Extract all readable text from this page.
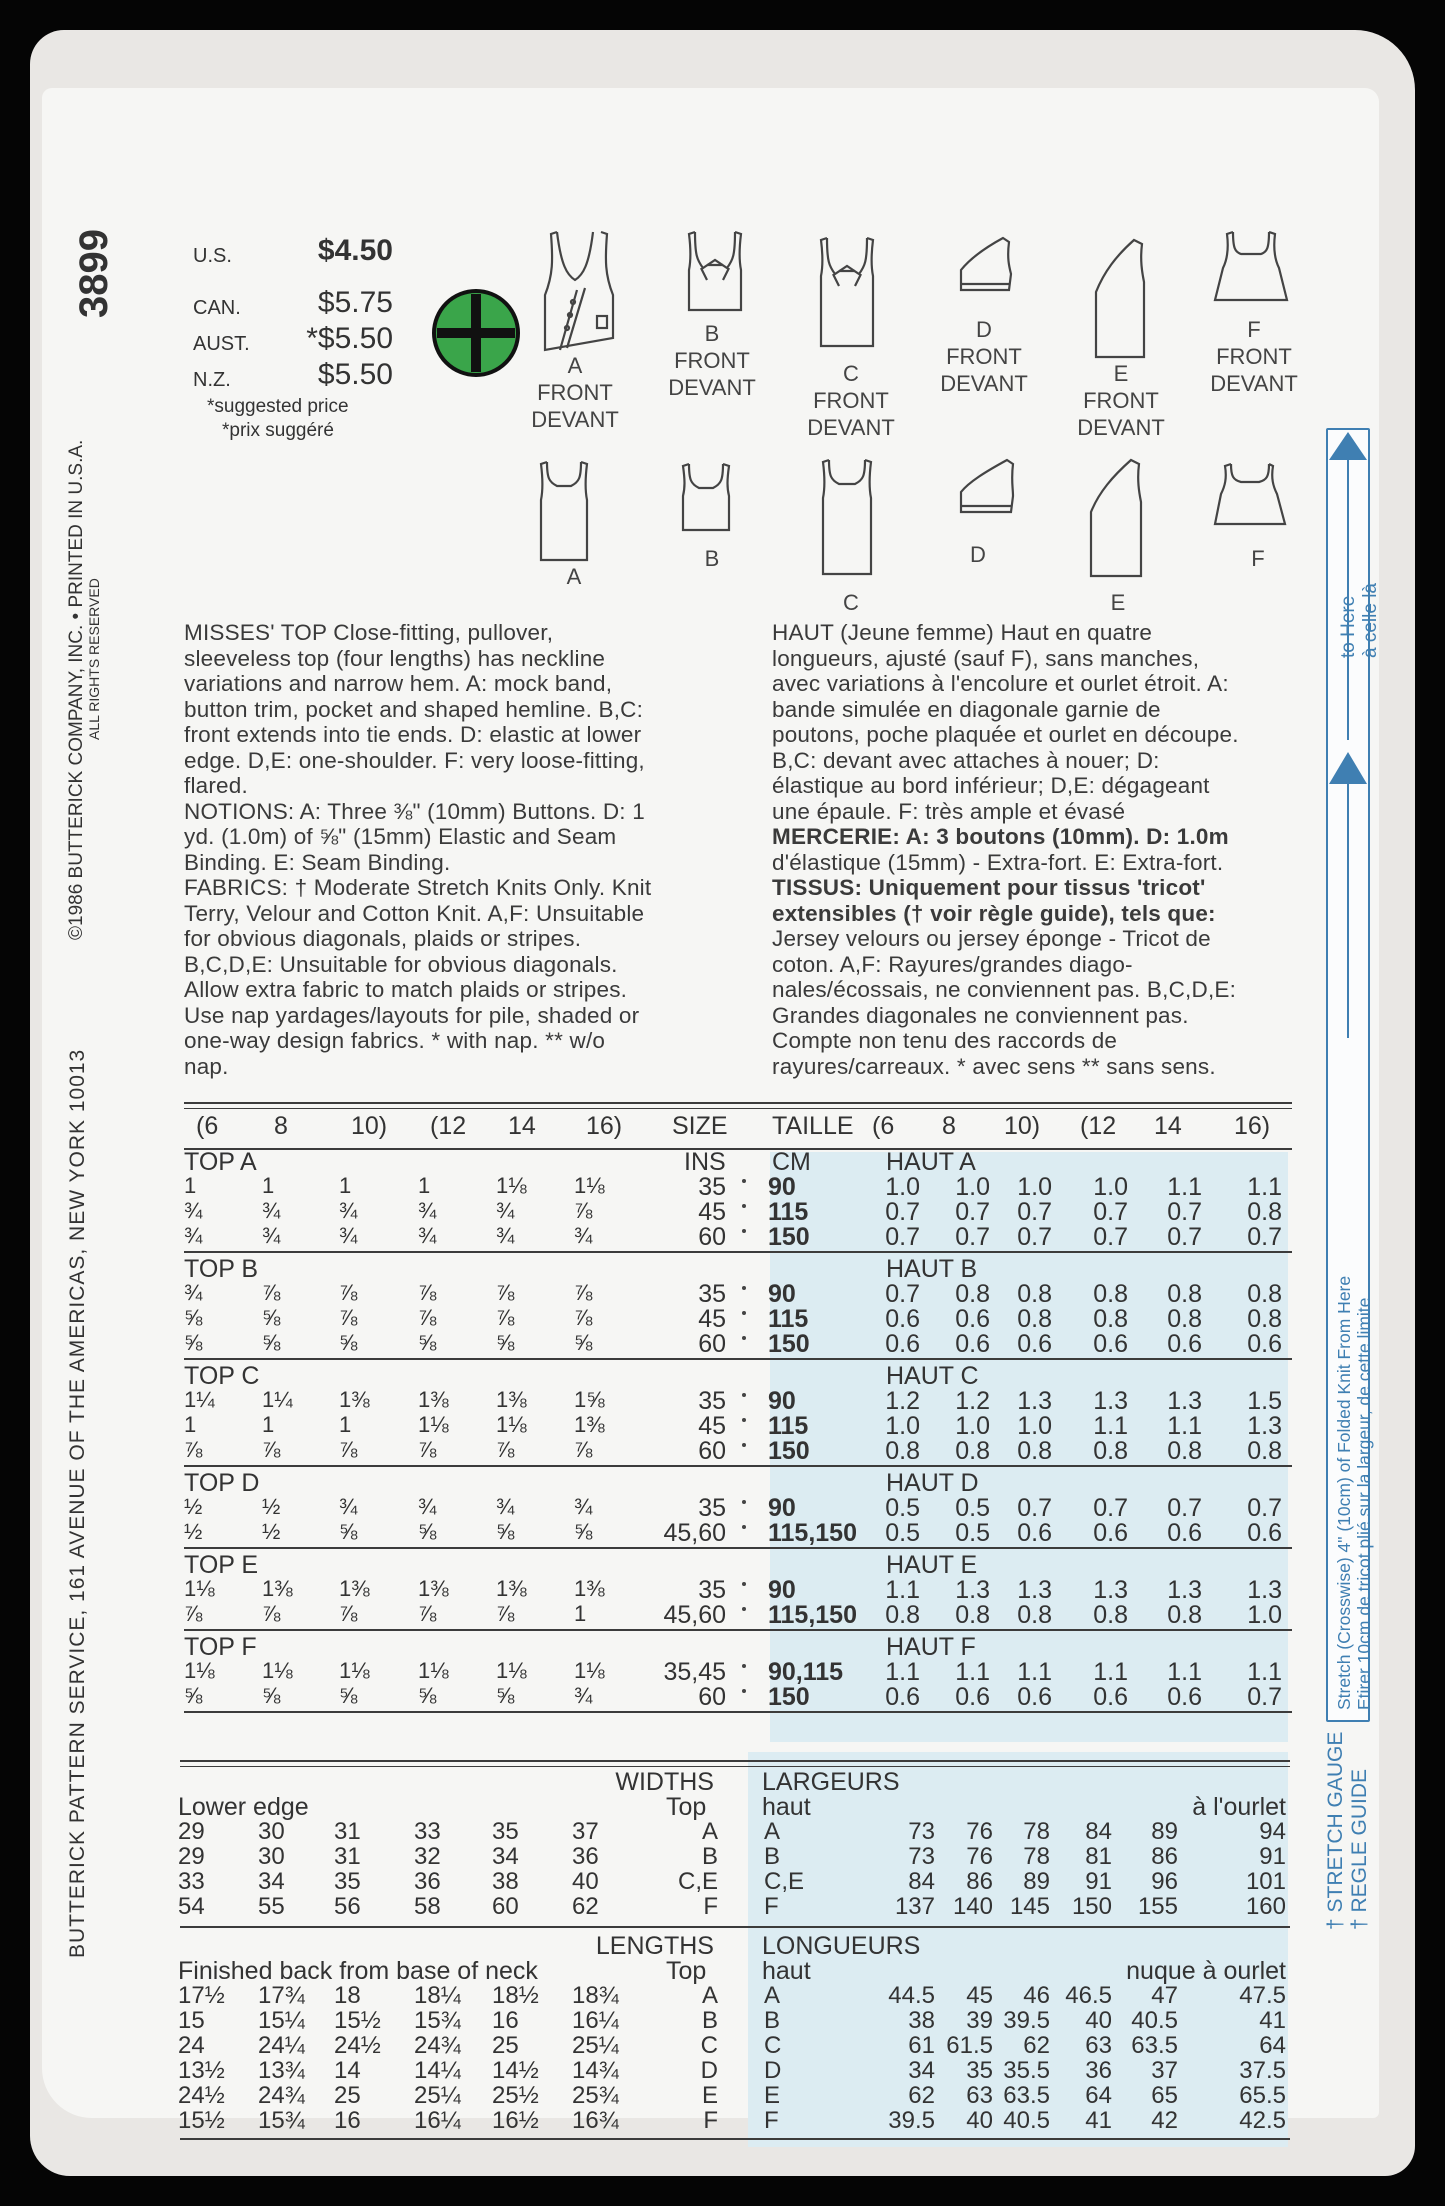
3899
BUTTERICK PATTERN SERVICE, 161 AVENUE OF THE AMERICAS, NEW YORK 10013
©1986 BUTTERICK COMPANY, INC. • PRINTED IN U.S.A. ALL RIGHTS RESERVED
U.S.	$4.50
CAN.	$5.75
AUST. *$5.50
N.Z.	$5.50
*suggested price
*prix suggéré
A
FRONT
DEVANT
B
FRONT
DEVANT
C
FRONT
DEVANT
D
FRONT
DEVANT	E
FRONT
DEVANT
F
FRONT
DEVANT
A
B
C
D
E
F
MISSES' TOP Close-fitting, pullover,
sleeveless top (four lengths) has neckline
variations and narrow hem. A: mock band,
button trim, pocket and shaped hemline. B,C:
front extends into tie ends. D: elastic at lower
edge. D,E: one-shoulder. F: very loose-fitting,
flared.
NOTIONS: A: Three ⅜" (10mm) Buttons. D: 1
yd. (1.0m) of ⅝" (15mm) Elastic and Seam
Binding. E: Seam Binding.
FABRICS: † Moderate Stretch Knits Only. Knit
Terry, Velour and Cotton Knit. A,F: Unsuitable
for obvious diagonals, plaids or stripes.
B,C,D,E: Unsuitable for obvious diagonals.
Allow extra fabric to match plaids or stripes.
Use nap yardages/layouts for pile, shaded or
one-way design fabrics. * with nap. ** w/o
nap.
HAUT (Jeune femme) Haut en quatre
longueurs, ajusté (sauf F), sans manches,
avec variations à l'encolure et ourlet étroit. A:
bande simulée en diagonale garnie de
poutons, poche plaquée et ourlet en découpe.
B,C: devant avec attaches à nouer; D:
élastique au bord inférieur; D,E: dégageant
une épaule. F: très ample et évasé
MERCERIE: A: 3 boutons (10mm). D: 1.0m
d'élastique (15mm) - Extra-fort. E: Extra-fort.
TISSUS: Uniquement pour tissus 'tricot'
extensibles († voir règle guide), tels que:
Jersey velours ou jersey éponge - Tricot de
coton. A,F: Rayures/grandes diago-
nales/écossais, ne conviennent pas. B,C,D,E:
Grandes diagonales ne conviennent pas.
Compte non tenu des raccords de
rayures/carreaux. * avec sens ** sans sens.
(6 8	10) (12 14 16) SIZE TAILLE (6 8 10) (12 14 16)
TOP A	INS CM	HAUT A
1	1	1	1	1⅛ 1⅛	35 90	1.0 1.0 1.0 1.0 1.1 1.1
¾	¾	¾	¾	¾	⅞	45 115	0.7 0.7 0.7 0.7 0.7 0.8
¾	¾	¾	¾	¾	¾	60 150	0.7 0.7 0.7 0.7 0.7 0.7
TOP B	HAUT B
¾	⅞	⅞	⅞	⅞	⅞	35 90	0.7 0.8 0.8 0.8 0.8 0.8
⅝	⅝	⅞	⅞	⅞	⅞	45 115	0.6 0.6 0.8 0.8 0.8 0.8
⅝	⅝	⅝	⅝	⅝	⅝	60 150	0.6 0.6 0.6 0.6 0.6 0.6
TOP C	HAUT C
1¼ 1¼ 1⅜ 1⅜ 1⅜ 1⅝	35 90	1.2 1.2 1.3 1.3 1.3 1.5
1	1	1	1⅛ 1⅛ 1⅜	45 115	1.0 1.0 1.0 1.1 1.1 1.3
⅞	⅞	⅞	⅞	⅞	⅞	60 150	0.8 0.8 0.8 0.8 0.8 0.8
TOP D	HAUT D
½	½	¾	¾	¾	¾	35 90	0.5 0.5 0.7 0.7 0.7 0.7
½	½	⅝	⅝	⅝	⅝	45,60 115,150 0.5 0.5 0.6 0.6 0.6 0.6
TOP E	HAUT E
1⅛ 1⅜ 1⅜ 1⅜ 1⅜ 1⅜	35 90	1.1 1.3 1.3 1.3 1.3 1.3
⅞	⅞	⅞	⅞	⅞	1	45,60 115,150 0.8 0.8 0.8 0.8 0.8 1.0
TOP F	HAUT F
1⅛ 1⅛ 1⅛ 1⅛ 1⅛ 1⅛ 35,45 90,115 1.1 1.1 1.1 1.1 1.1 1.1
⅝	⅝	⅝	⅝	⅝	¾	60 150	0.6 0.6 0.6 0.6 0.6 0.7
WIDTHS LARGEURS
Lower edge	Top haut	à l'ourlet
29 30 31 33 35 37	A A	73 76 78 84 89	94
29 30 31 32 34 36	B B	73 76 78 81 86	91
33 34 35 36 38 40	C,E C,E	84 86 89 91 96	101
54 55 56 58 60 62	F F	137 140 145 150 155	160
LENGTHS LONGUEURS
Finished back from base of neck	Top haut	nuque à ourlet
17½ 17¾ 18 18¼ 18½ 18¾	A A	44.5 45 46 46.5 47	47.5
15 15¼ 15½ 15¾ 16 16¼	B B	38 39 39.5 40 40.5	41
24 24¼ 24½ 24¾ 25 25¼	C C	61 61.5 62 63 63.5	64
13½ 13¾ 14 14¼ 14½ 14¾	D D	34 35 35.5 36 37	37.5
24½ 24¾ 25 25¼ 25½ 25¾	E E	62 63 63.5 64 65	65.5
15½ 15¾ 16 16¼ 16½ 16¾	F F	39.5 40 40.5 41 42	42.5
to Here à celle là
Stretch (Crosswise) 4" (10cm) of Folded Knit From Here Etirer 10cm de tricot plié sur la largeur, de cette limite
† STRETCH GAUGE † REGLE GUIDE
